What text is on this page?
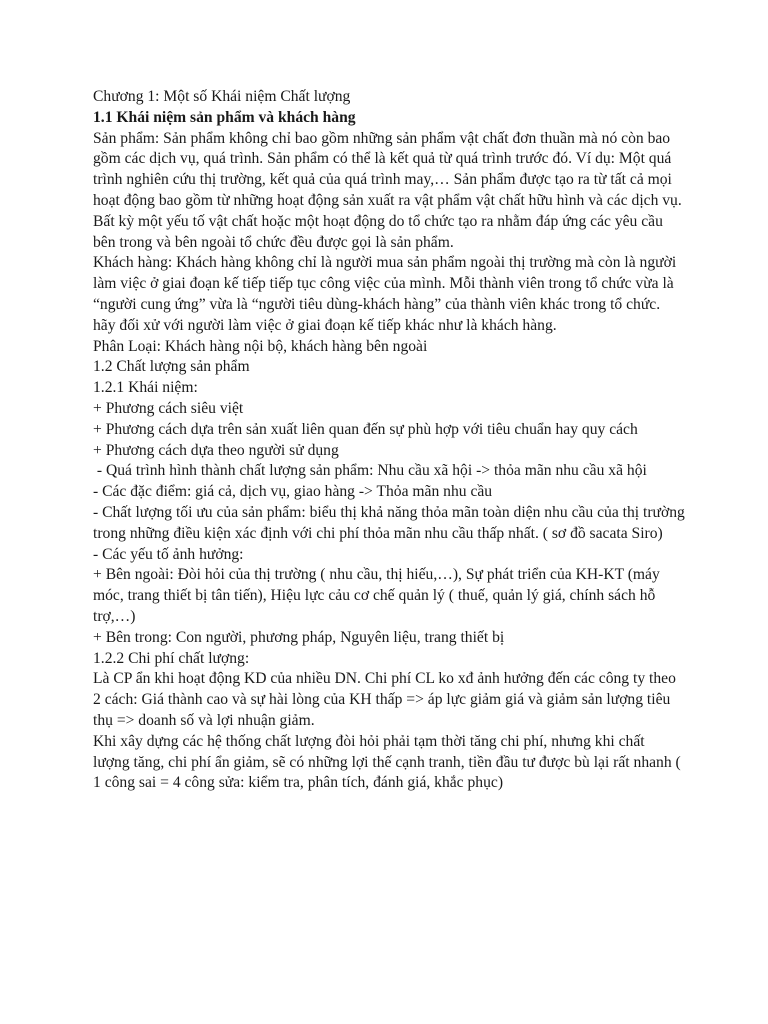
Chương 1: Một số Khái niệm Chất lượng

1.1 Khái niệm sản phẩm và khách hàng

Sản phẩm: Sản phẩm không chỉ bao gồm những sản phẩm vật chất đơn thuần mà nó còn bao gồm các dịch vụ, quá trình. Sản phẩm có thể là kết quả từ quá trình trước đó. Ví dụ: Một quá trình nghiên cứu thị trường, kết quả của quá trình may,… Sản phẩm được tạo ra từ tất cả mọi hoạt động bao gồm từ những hoạt động sản xuất ra vật phẩm vật chất hữu hình và các dịch vụ. Bất kỳ một yếu tố vật chất hoặc một hoạt động do tổ chức tạo ra nhằm đáp ứng các yêu cầu bên trong và bên ngoài tổ chức đều được gọi là sản phẩm.

Khách hàng: Khách hàng không chỉ là người mua sản phẩm ngoài thị trường mà còn là người làm việc ở giai đoạn kế tiếp tiếp tục công việc của mình. Mỗi thành viên trong tổ chức vừa là “người cung ứng” vừa là “người tiêu dùng-khách hàng” của thành viên khác trong tổ chức. hãy đối xử với người làm việc ở giai đoạn kế tiếp khác như là khách hàng.

Phân Loại: Khách hàng nội bộ, khách hàng bên ngoài

1.2 Chất lượng sản phẩm

1.2.1 Khái niệm:

+ Phương cách siêu việt

+ Phương cách dựa trên sản xuất liên quan đến sự phù hợp với tiêu chuẩn hay quy cách

+ Phương cách dựa theo người sử dụng

- Quá trình hình thành chất lượng sản phẩm: Nhu cầu xã hội -> thỏa mãn nhu cầu xã hội

- Các đặc điểm: giá cả, dịch vụ, giao hàng -> Thỏa mãn nhu cầu

- Chất lượng tối ưu của sản phẩm: biểu thị khả năng thỏa mãn toàn diện nhu cầu của thị trường trong những điều kiện xác định với chi phí thỏa mãn nhu cầu thấp nhất. ( sơ đồ sacata Siro)

- Các yếu tố ảnh hưởng:

+ Bên ngoài: Đòi hỏi của thị trường ( nhu cầu, thị hiếu,…), Sự phát triển của KH-KT (máy móc, trang thiết bị tân tiến), Hiệu lực cảu cơ chế quản lý ( thuế, quản lý giá, chính sách hỗ trợ,…)

+ Bên trong: Con người, phương pháp, Nguyên liệu, trang thiết bị

1.2.2 Chi phí chất lượng:

Là CP ẩn khi hoạt động KD của nhiều DN. Chi phí CL ko xđ ảnh hưởng đến các công ty theo 2 cách: Giá thành cao và sự hài lòng của KH thấp => áp lực giảm giá và giảm sản lượng tiêu thụ => doanh số và lợi nhuận giảm.

Khi xây dựng các hệ thống chất lượng đòi hỏi phải tạm thời tăng chi phí, nhưng khi chất lượng tăng, chi phí ẩn giảm, sẽ có những lợi thế cạnh tranh, tiền đầu tư được bù lại rất nhanh ( 1 công sai = 4 công sửa: kiểm tra, phân tích, đánh giá, khắc phục)
